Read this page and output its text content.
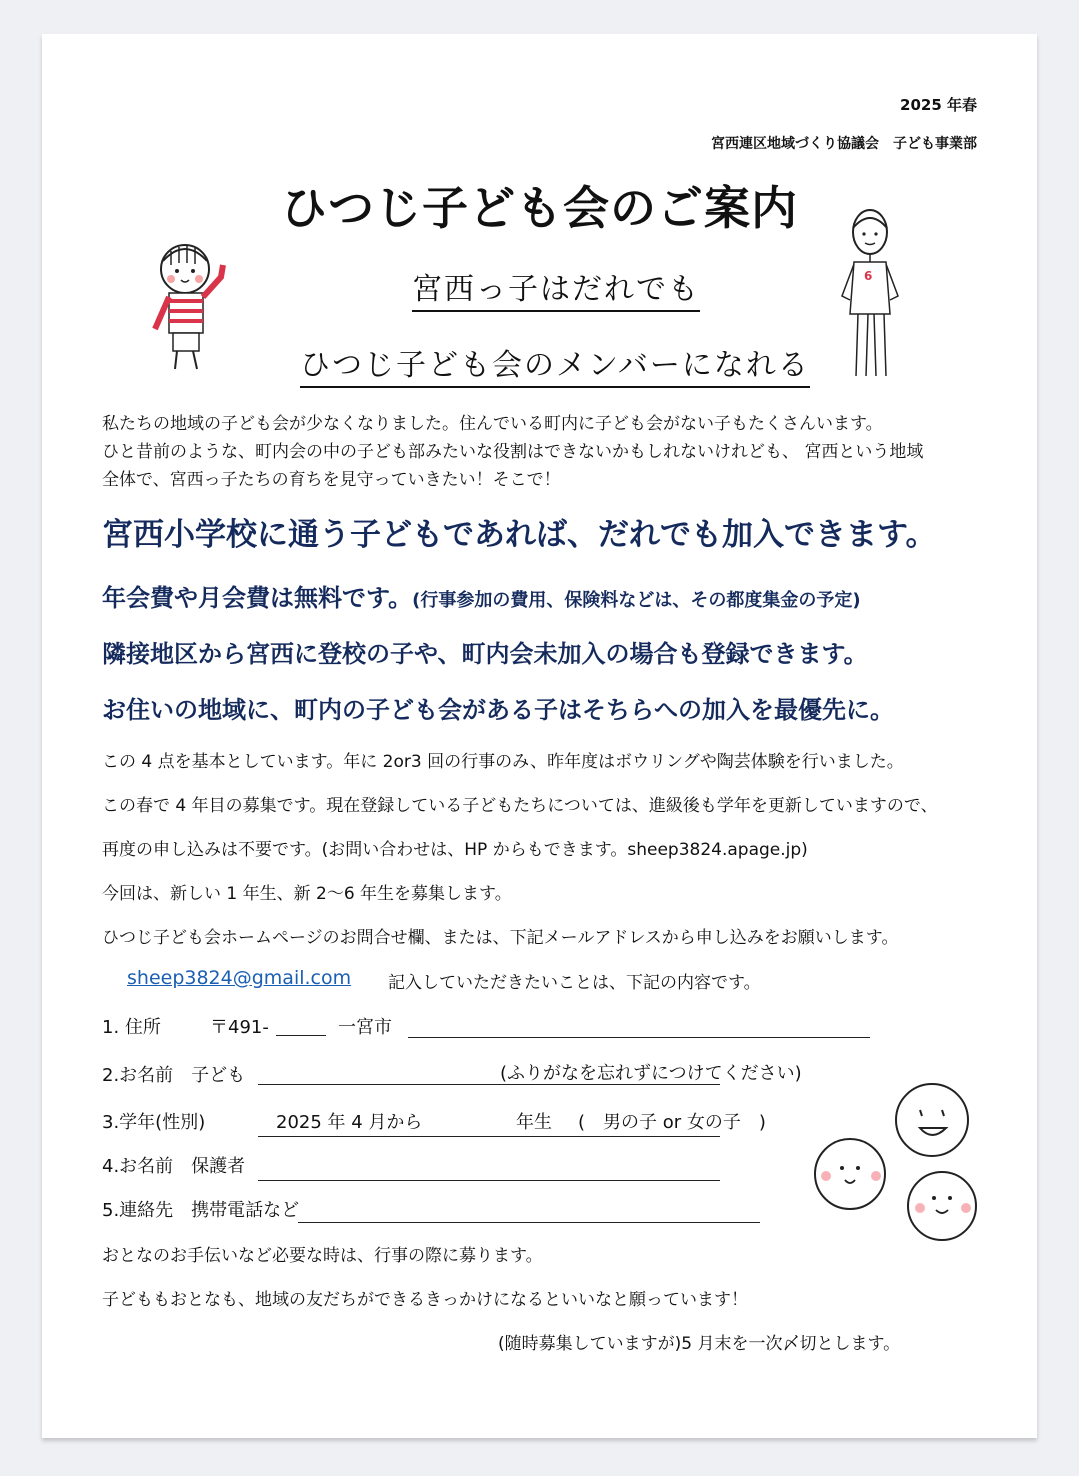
2025 年春
宮西連区地域づくり協議会　子ども事業部
ひつじ子ども会のご案内
宮西っ子はだれでも
ひつじ子ども会のメンバーになれる
6
私たちの地域の子ども会が少なくなりました。住んでいる町内に子ども会がない子もたくさんいます。
ひと昔前のような、町内会の中の子ども部みたいな役割はできないかもしれないけれども、 宮西という地域
全体で、宮西っ子たちの育ちを見守っていきたい！そこで！
宮西小学校に通う子どもであれば、だれでも加入できます。
年会費や月会費は無料です。(行事参加の費用、保険料などは、その都度集金の予定)
隣接地区から宮西に登校の子や、町内会未加入の場合も登録できます。
お住いの地域に、町内の子ども会がある子はそちらへの加入を最優先に。
この 4 点を基本としています。年に 2or3 回の行事のみ、昨年度はボウリングや陶芸体験を行いました。
この春で 4 年目の募集です。現在登録している子どもたちについては、進級後も学年を更新していますので、
再度の申し込みは不要です。(お問い合わせは、HP からもできます。sheep3824.apage.jp)
今回は、新しい 1 年生、新 2～6 年生を募集します。
ひつじ子ども会ホームページのお問合せ欄、または、下記メールアドレスから申し込みをお願いします。
sheep3824@gmail.com 記入していただきたいことは、下記の内容です。
1. 住所	〒491-	一宮市
2.お名前　子ども	(ふりがなを忘れずにつけてください)
3.学年(性別)	2025 年 4 月から	年生 (　男の子 or 女の子　)
4.お名前　保護者
5.連絡先　携帯電話など
おとなのお手伝いなど必要な時は、行事の際に募ります。
子どももおとなも、地域の友だちができるきっかけになるといいなと願っています！
(随時募集していますが)5 月末を一次〆切とします。
